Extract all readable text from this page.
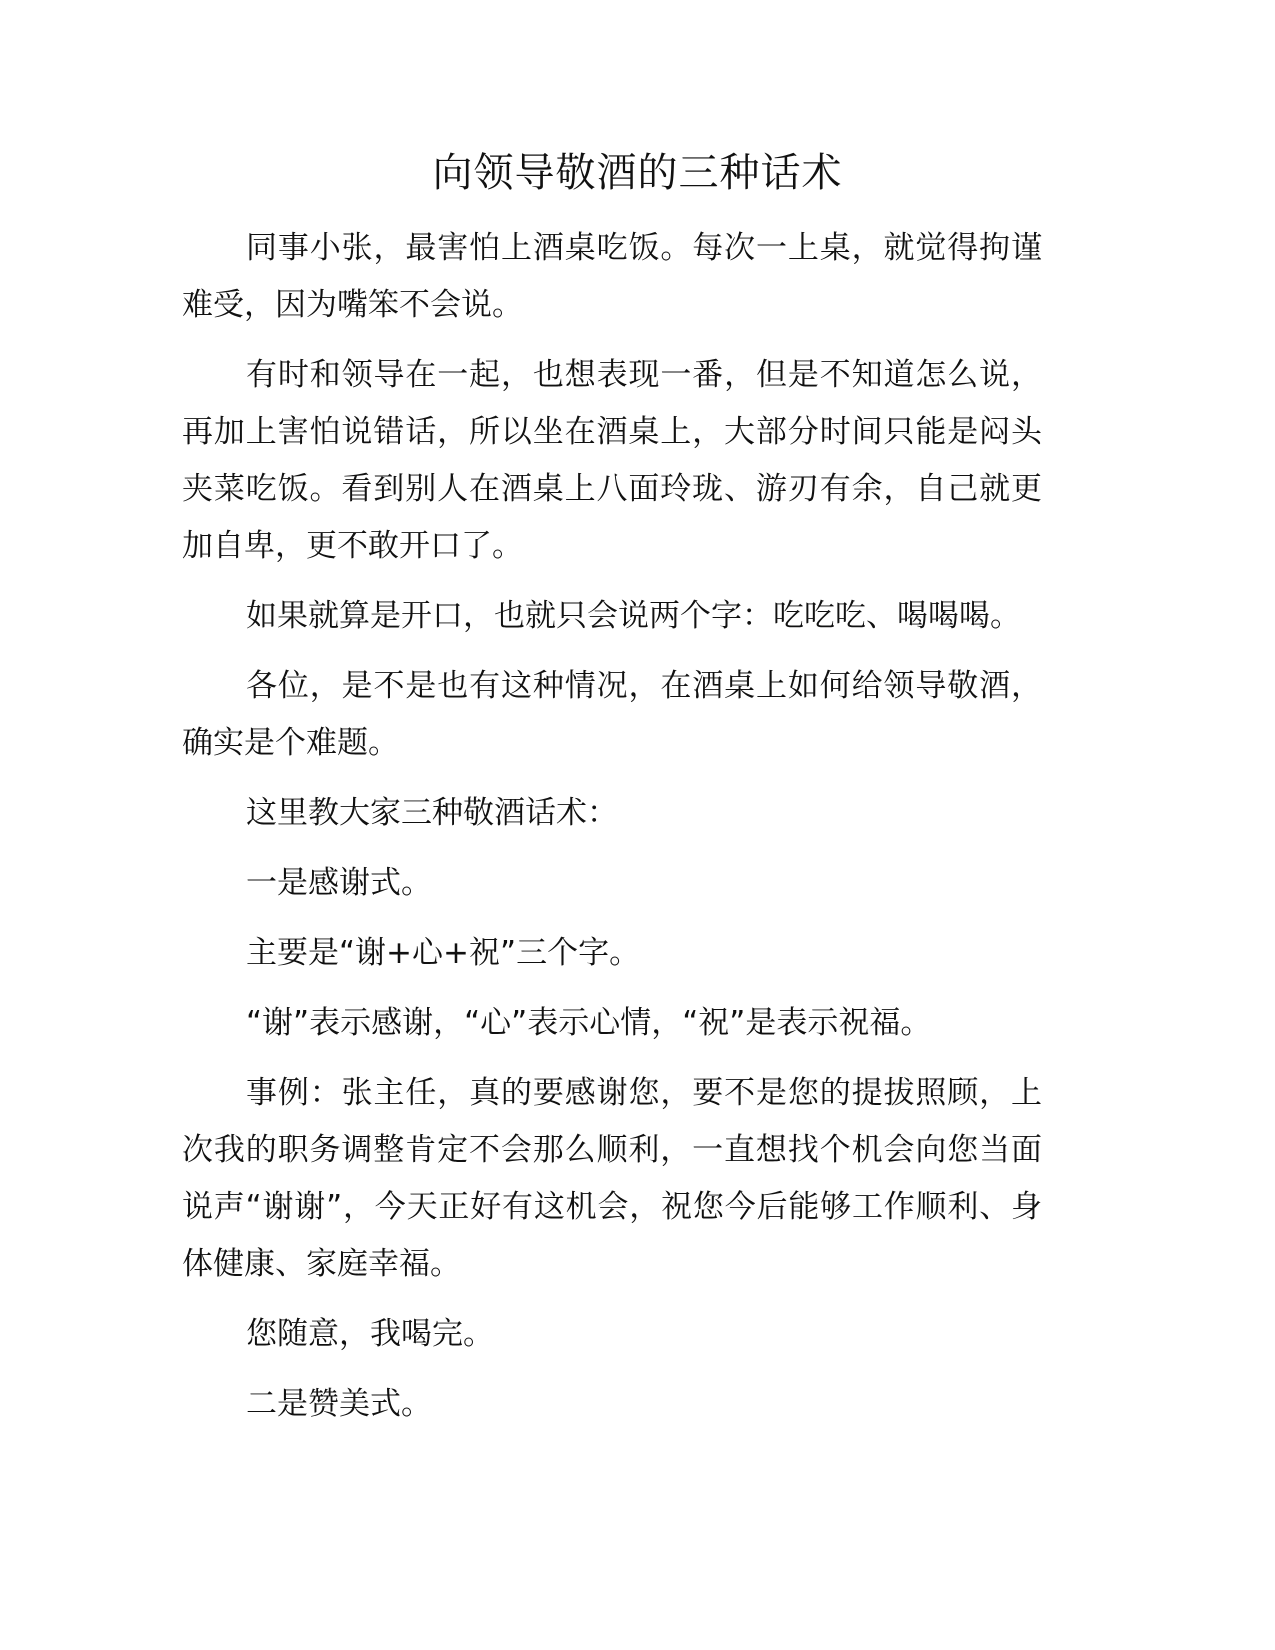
向领导敬酒的三种话术

同事小张，最害怕上酒桌吃饭。每次一上桌，就觉得拘谨难受，因为嘴笨不会说。

有时和领导在一起，也想表现一番，但是不知道怎么说，再加上害怕说错话，所以坐在酒桌上，大部分时间只能是闷头夹菜吃饭。看到别人在酒桌上八面玲珑、游刃有余，自己就更加自卑，更不敢开口了。

如果就算是开口，也就只会说两个字：吃吃吃、喝喝喝。

各位，是不是也有这种情况，在酒桌上如何给领导敬酒，确实是个难题。

这里教大家三种敬酒话术：

一是感谢式。

主要是“谢+心+祝”三个字。

“谢”表示感谢，“心”表示心情，“祝”是表示祝福。

事例：张主任，真的要感谢您，要不是您的提拔照顾，上次我的职务调整肯定不会那么顺利，一直想找个机会向您当面说声“谢谢”，今天正好有这机会，祝您今后能够工作顺利、身体健康、家庭幸福。

您随意，我喝完。

二是赞美式。
